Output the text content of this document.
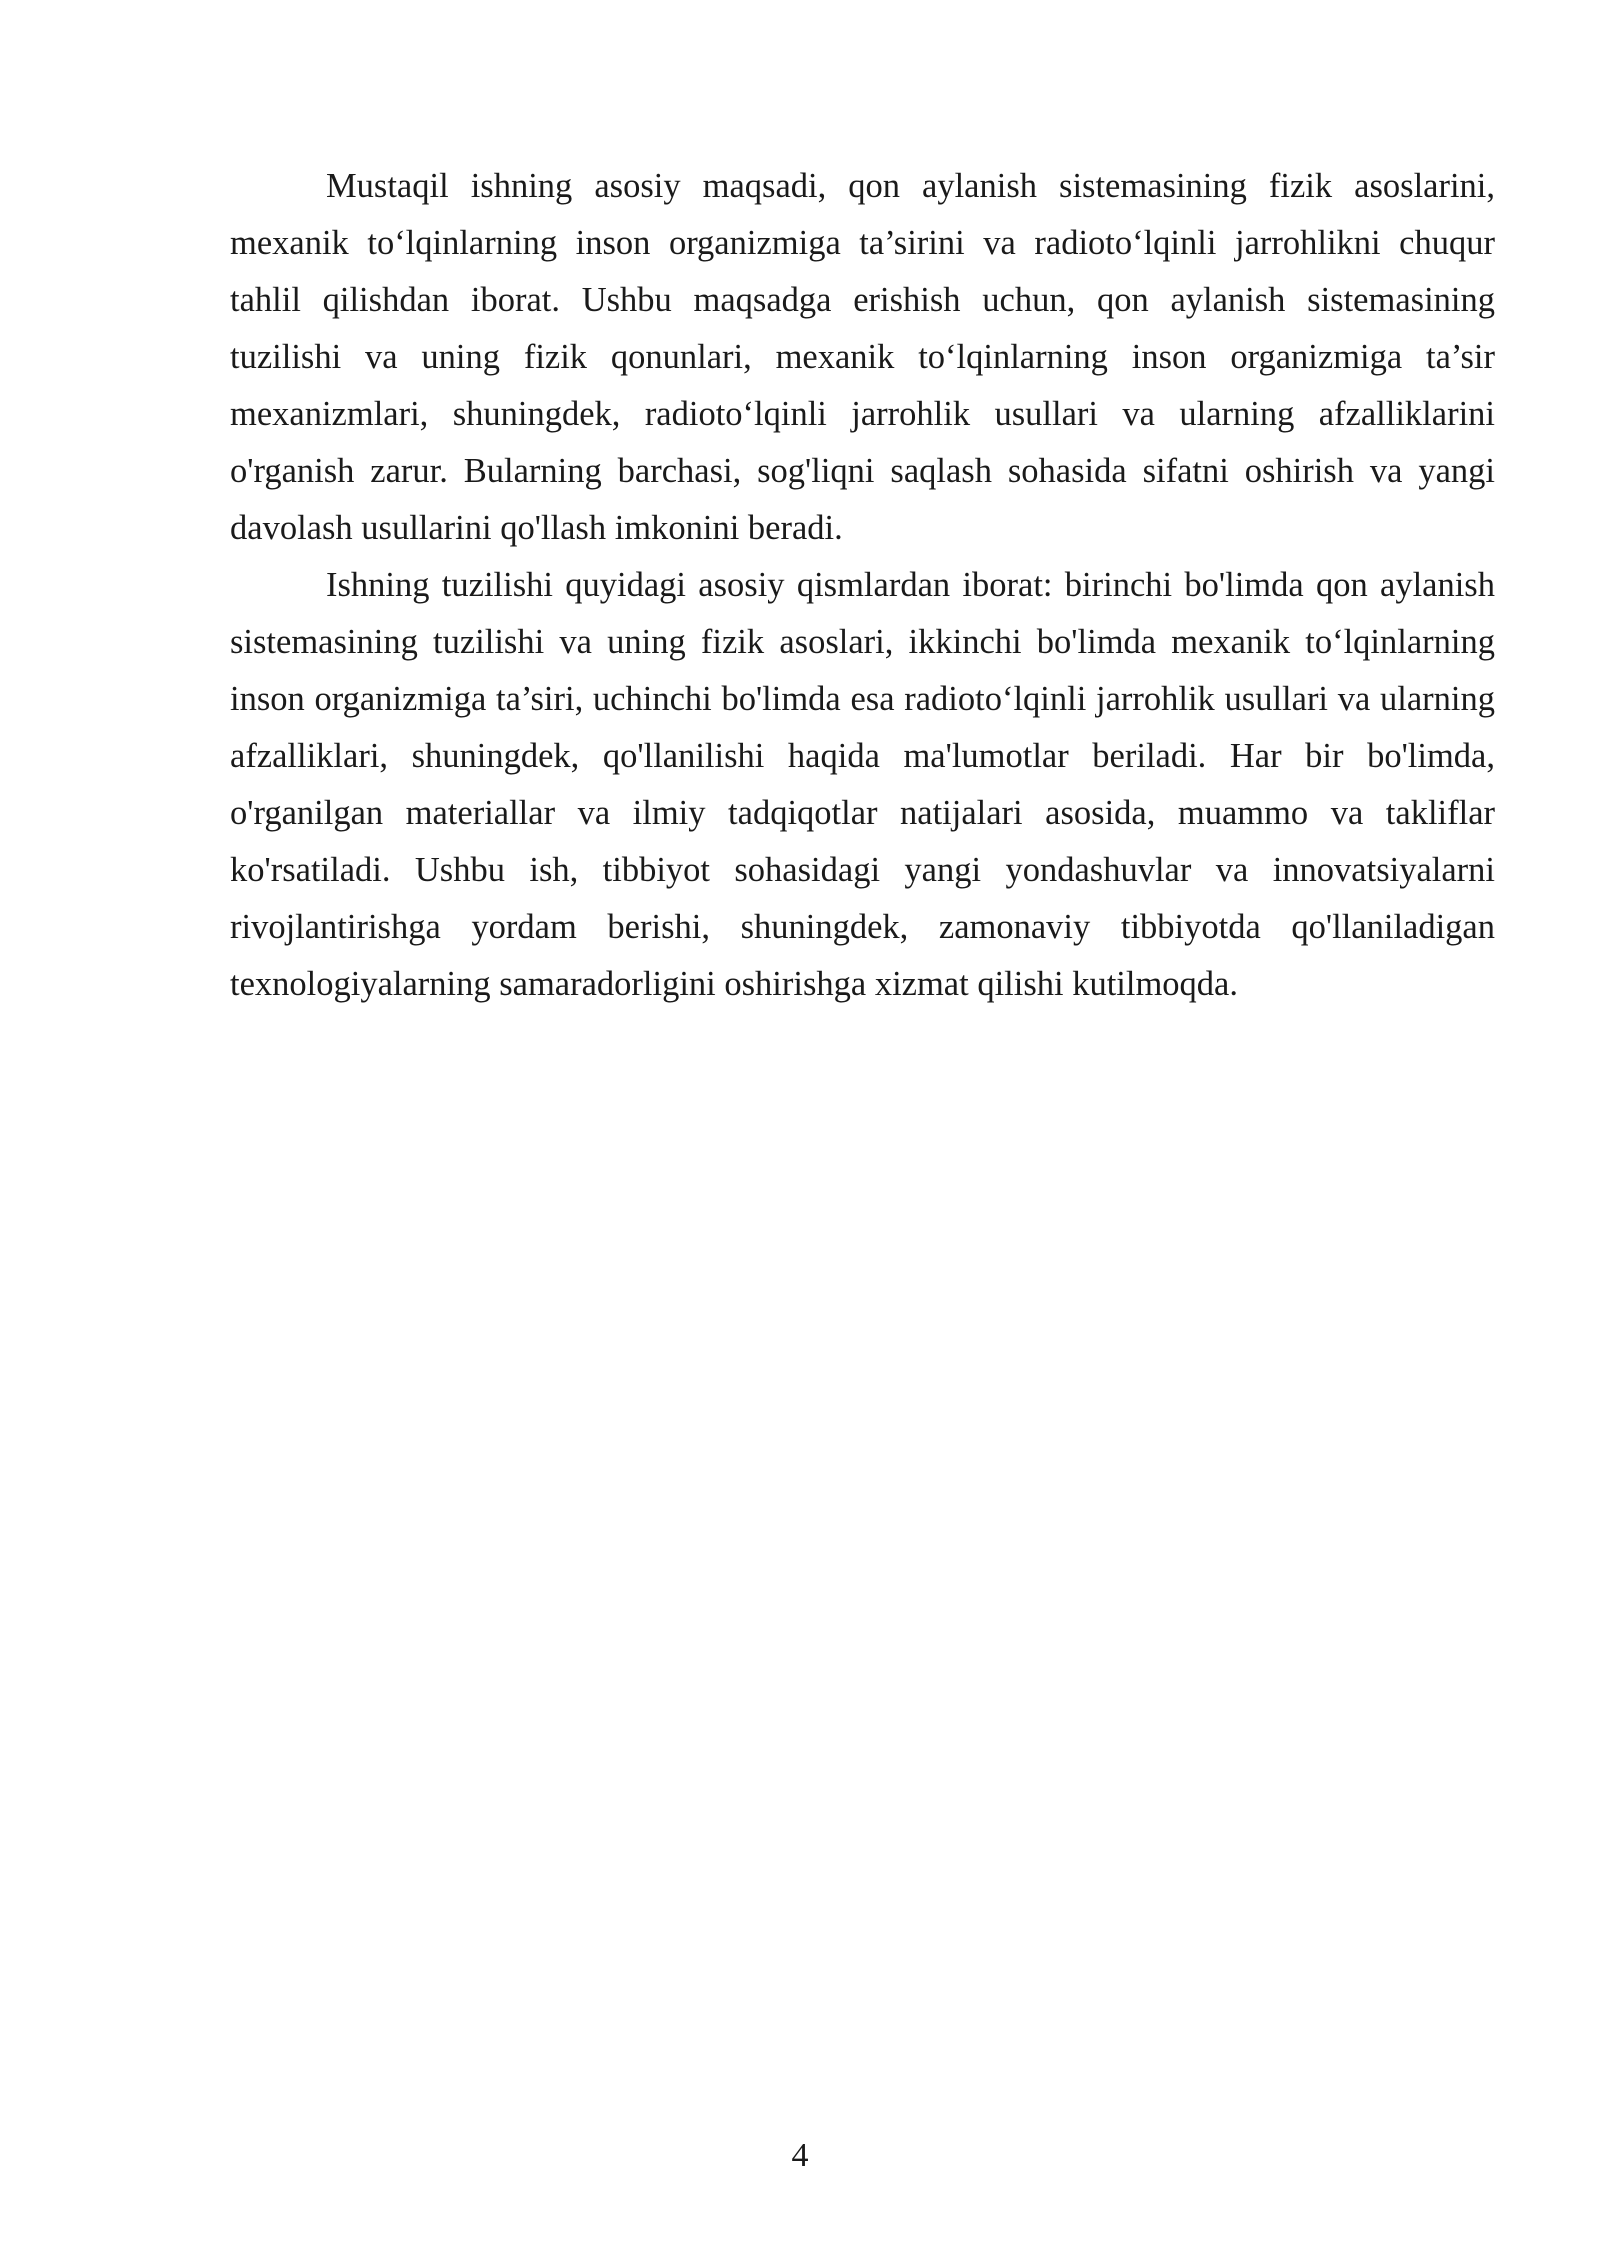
Mustaqil ishning asosiy maqsadi, qon aylanish sistemasining fizik asoslarini, mexanik to‘lqinlarning inson organizmiga ta’sirini va radioto‘lqinli jarrohlikni chuqur tahlil qilishdan iborat. Ushbu maqsadga erishish uchun, qon aylanish sistemasining tuzilishi va uning fizik qonunlari, mexanik to‘lqinlarning inson organizmiga ta’sir mexanizmlari, shuningdek, radioto‘lqinli jarrohlik usullari va ularning afzalliklarini o'rganish zarur. Bularning barchasi, sog'liqni saqlash sohasida sifatni oshirish va yangi davolash usullarini qo'llash imkonini beradi.

Ishning tuzilishi quyidagi asosiy qismlardan iborat: birinchi bo'limda qon aylanish sistemasining tuzilishi va uning fizik asoslari, ikkinchi bo'limda mexanik to‘lqinlarning inson organizmiga ta’siri, uchinchi bo'limda esa radioto‘lqinli jarrohlik usullari va ularning afzalliklari, shuningdek, qo'llanilishi haqida ma'lumotlar beriladi. Har bir bo'limda, o'rganilgan materiallar va ilmiy tadqiqotlar natijalari asosida, muammo va takliflar ko'rsatiladi. Ushbu ish, tibbiyot sohasidagi yangi yondashuvlar va innovatsiyalarni rivojlantirishga yordam berishi, shuningdek, zamonaviy tibbiyotda qo'llaniladigan texnologiyalarning samaradorligini oshirishga xizmat qilishi kutilmoqda.

4
